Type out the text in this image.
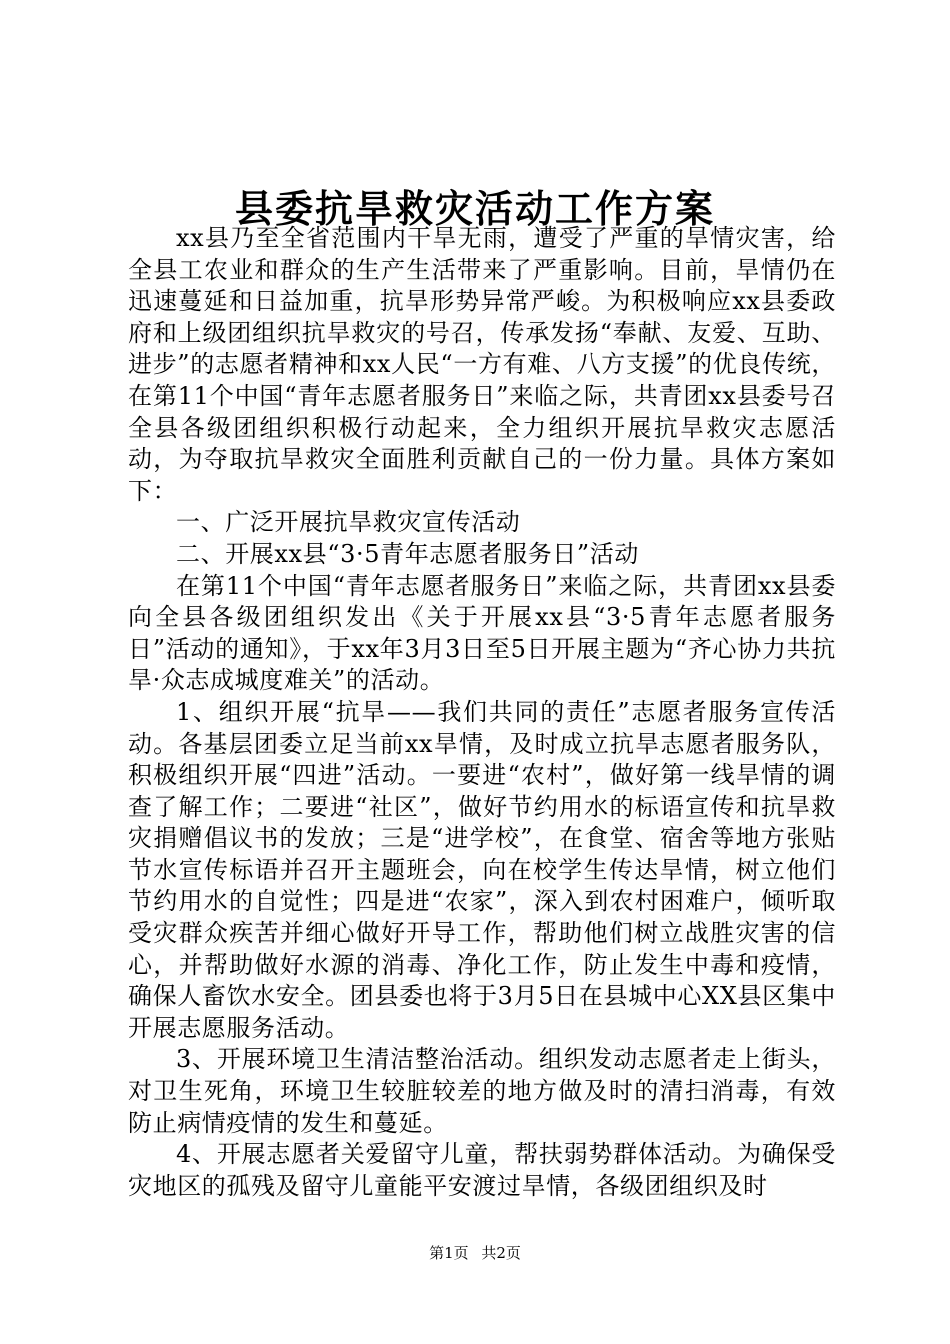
县委抗旱救灾活动工作方案

xx县乃至全省范围内干旱无雨，遭受了严重的旱情灾害，给全县工农业和群众的生产生活带来了严重影响。目前，旱情仍在迅速蔓延和日益加重，抗旱形势异常严峻。为积极响应xx县委政府和上级团组织抗旱救灾的号召，传承发扬“奉献、友爱、互助、进步”的志愿者精神和xx人民“一方有难、八方支援”的优良传统，在第11个中国“青年志愿者服务日”来临之际，共青团xx县委号召全县各级团组织积极行动起来，全力组织开展抗旱救灾志愿活动，为夺取抗旱救灾全面胜利贡献自己的一份力量。具体方案如下：

一、广泛开展抗旱救灾宣传活动

二、开展xx县“3·5青年志愿者服务日”活动

在第11个中国“青年志愿者服务日”来临之际，共青团xx县委向全县各级团组织发出《关于开展xx县“3·5青年志愿者服务日”活动的通知》，于xx年3月3日至5日开展主题为“齐心协力共抗旱·众志成城度难关”的活动。

1、组织开展“抗旱——我们共同的责任”志愿者服务宣传活动。各基层团委立足当前xx旱情，及时成立抗旱志愿者服务队，积极组织开展“四进”活动。一要进“农村”，做好第一线旱情的调查了解工作；二要进“社区”，做好节约用水的标语宣传和抗旱救灾捐赠倡议书的发放；三是“进学校”，在食堂、宿舍等地方张贴节水宣传标语并召开主题班会，向在校学生传达旱情，树立他们节约用水的自觉性；四是进“农家”，深入到农村困难户，倾听取受灾群众疾苦并细心做好开导工作，帮助他们树立战胜灾害的信心，并帮助做好水源的消毒、净化工作，防止发生中毒和疫情，确保人畜饮水安全。团县委也将于3月5日在县城中心XX县区集中开展志愿服务活动。

3、开展环境卫生清洁整治活动。组织发动志愿者走上街头，对卫生死角，环境卫生较脏较差的地方做及时的清扫消毒，有效防止病情疫情的发生和蔓延。

4、开展志愿者关爱留守儿童，帮扶弱势群体活动。为确保受灾地区的孤残及留守儿童能平安渡过旱情，各级团组织及时

第1页 共2页
